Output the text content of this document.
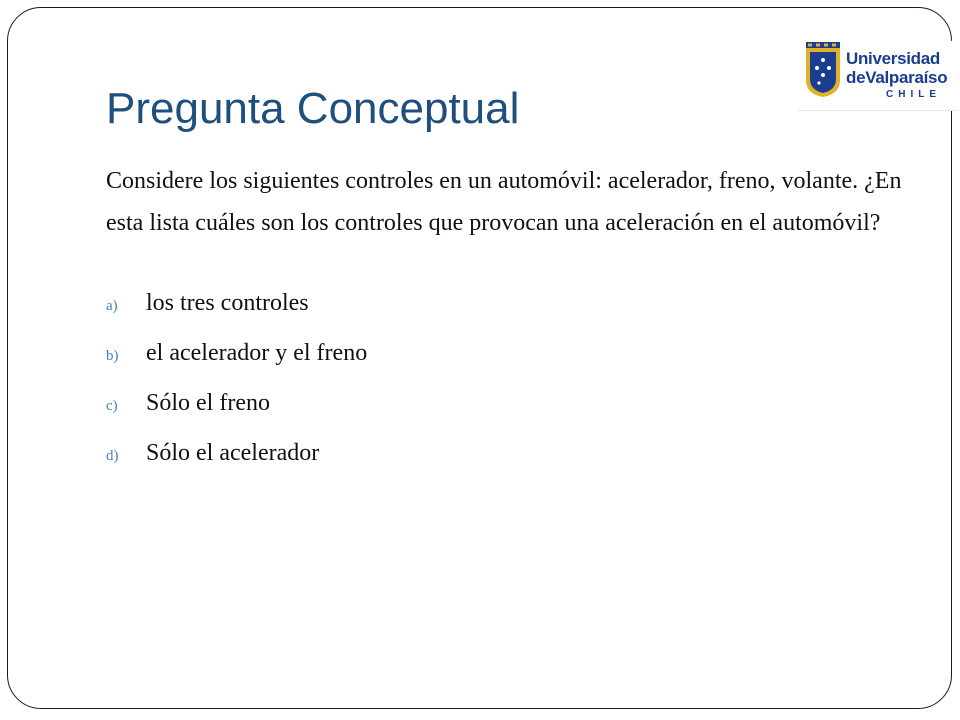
Universidad
deValparaíso
CHILE
Pregunta Conceptual

Considere los siguientes controles en un automóvil: acelerador, freno, volante. ¿En esta lista cuáles son los controles que provocan una aceleración en el automóvil?

a)	los tres controles
b)	el acelerador y el freno
c)	Sólo el freno
d)	Sólo el acelerador
